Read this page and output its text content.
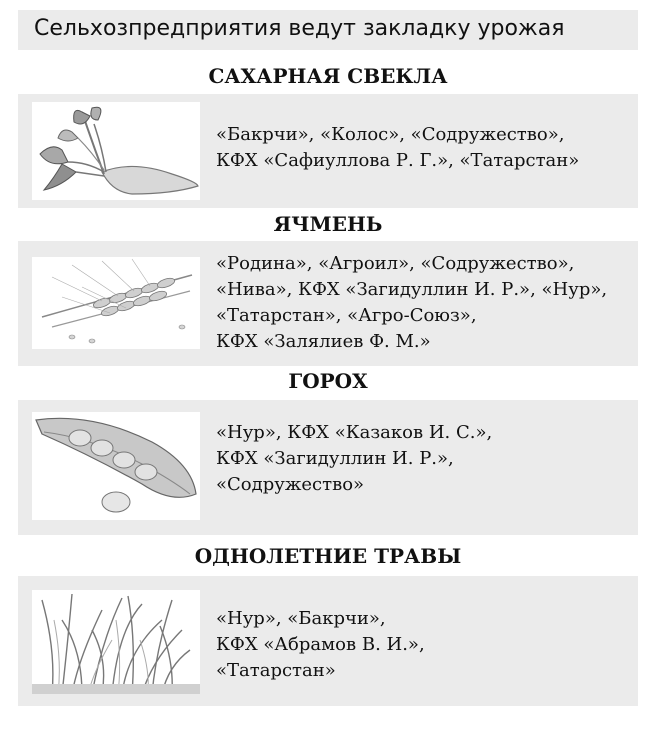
Сельхозпредприятия ведут закладку урожая
САХАРНАЯ СВЕКЛА
«Бакрчи», «Колос», «Содружество»,
КФХ «Сафиуллова Р. Г.», «Татарстан»
ЯЧМЕНЬ
«Родина», «Агроил», «Содружество»,
«Нива», КФХ «Загидуллин И. Р.», «Нур»,
«Татарстан», «Агро-Союз»,
КФХ «Залялиев Ф. М.»
ГОРОХ
«Нур», КФХ «Казаков И. С.»,
КФХ «Загидуллин И. Р.»,
«Содружество»
ОДНОЛЕТНИЕ ТРАВЫ
«Нур», «Бакрчи»,
КФХ «Абрамов В. И.»,
«Татарстан»
